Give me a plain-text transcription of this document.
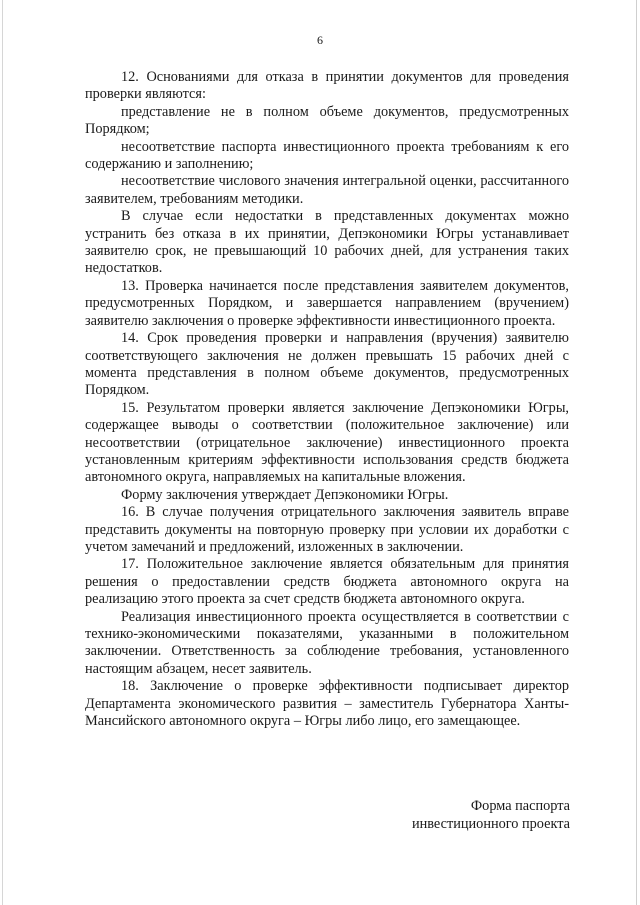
6

12. Основаниями для отказа в принятии документов для проведения проверки являются:

представление не в полном объеме документов, предусмотренных Порядком;

несоответствие паспорта инвестиционного проекта требованиям к его содержанию и заполнению;

несоответствие числового значения интегральной оценки, рассчитанного заявителем, требованиям методики.

В случае если недостатки в представленных документах можно устранить без отказа в их принятии, Депэкономики Югры устанавливает заявителю срок, не превышающий 10 рабочих дней, для устранения таких недостатков.

13. Проверка начинается после представления заявителем документов, предусмотренных Порядком, и завершается направлением (вручением) заявителю заключения о проверке эффективности инвестиционного проекта.

14. Срок проведения проверки и направления (вручения) заявителю соответствующего заключения не должен превышать 15 рабочих дней с момента представления в полном объеме документов, предусмотренных Порядком.

15. Результатом проверки является заключение Депэкономики Югры, содержащее выводы о соответствии (положительное заключение) или несоответствии (отрицательное заключение) инвестиционного проекта установленным критериям эффективности использования средств бюджета автономного округа, направляемых на капитальные вложения.

Форму заключения утверждает Депэкономики Югры.

16. В случае получения отрицательного заключения заявитель вправе представить документы на повторную проверку при условии их доработки с учетом замечаний и предложений, изложенных в заключении.

17. Положительное заключение является обязательным для принятия решения о предоставлении средств бюджета автономного округа на реализацию этого проекта за счет средств бюджета автономного округа.

Реализация инвестиционного проекта осуществляется в соответствии с технико-экономическими показателями, указанными в положительном заключении. Ответственность за соблюдение требования, установленного настоящим абзацем, несет заявитель.

18. Заключение о проверке эффективности подписывает директор Департамента экономического развития – заместитель Губернатора Ханты-Мансийского автономного округа – Югры либо лицо, его замещающее.

Форма паспорта
инвестиционного проекта
